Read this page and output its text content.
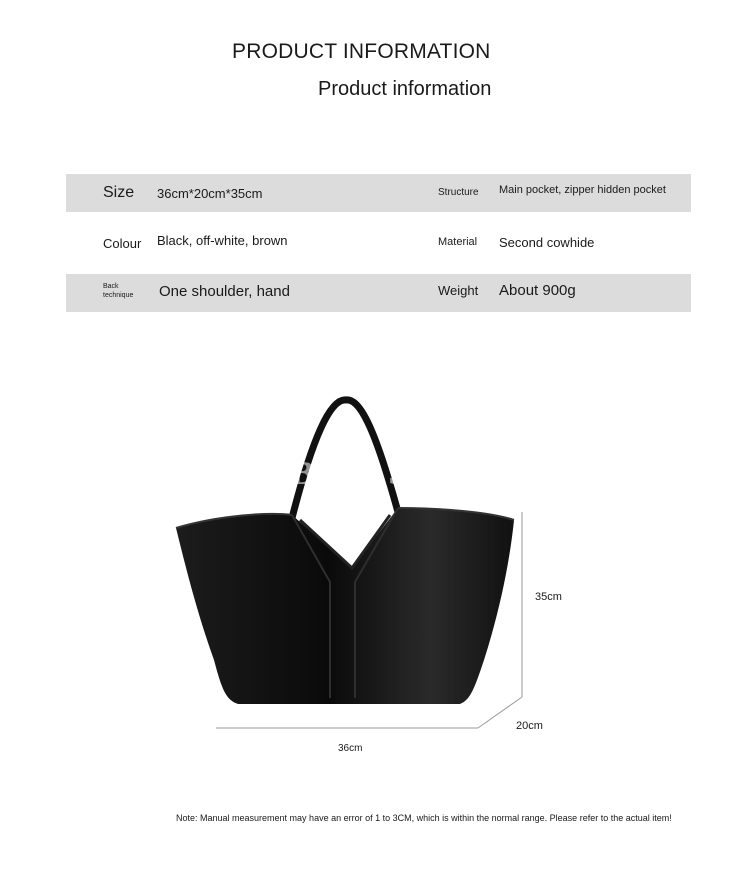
PRODUCT INFORMATION
Product information
Size 36cm*20cm*35cm	Structure Main pocket, zipper hidden pocket
Colour Black, off-white, brown	Material Second cowhide
Back technique	One shoulder, hand	Weight About 900g
Umi Bags Store
35cm
20cm
36cm
Note: Manual measurement may have an error of 1 to 3CM, which is within the normal range. Please refer to the actual item!
